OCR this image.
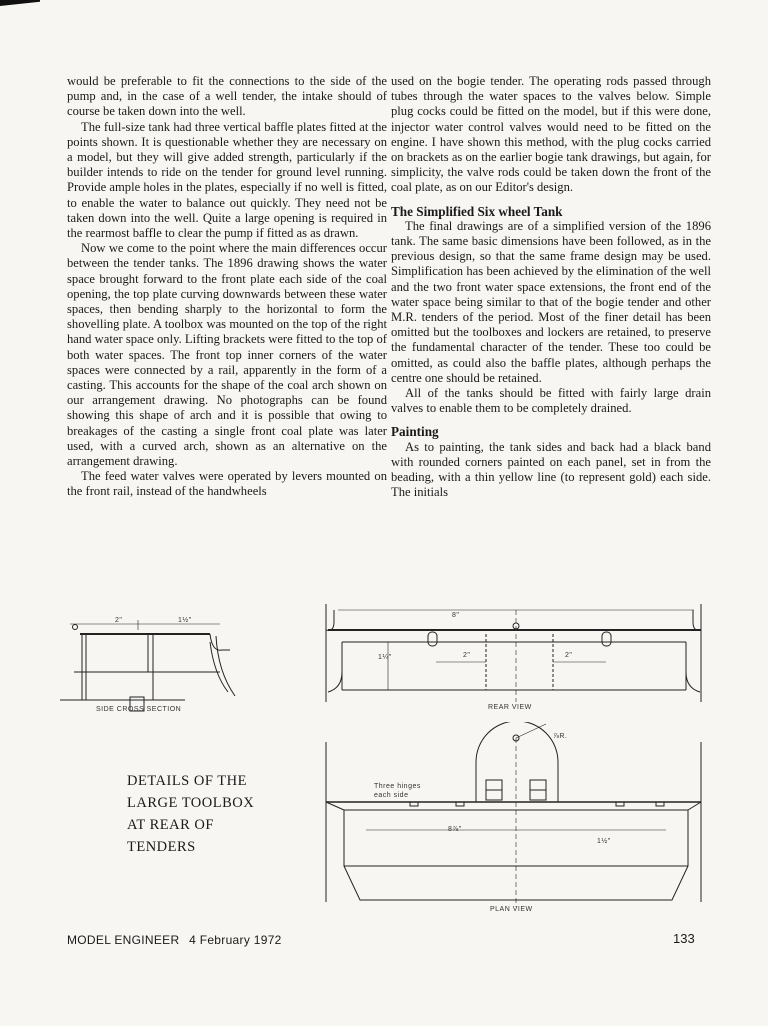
would be preferable to fit the connections to the side of the pump and, in the case of a well tender, the intake should of course be taken down into the well.

The full-size tank had three vertical baffle plates fitted at the points shown. It is questionable whether they are necessary on a model, but they will give added strength, particularly if the builder intends to ride on the tender for ground level running. Provide ample holes in the plates, especially if no well is fitted, to enable the water to balance out quickly. They need not be taken down into the well. Quite a large opening is required in the rearmost baffle to clear the pump if fitted as as drawn.

Now we come to the point where the main differences occur between the tender tanks. The 1896 drawing shows the water space brought forward to the front plate each side of the coal opening, the top plate curving downwards between these water spaces, then bending sharply to the horizontal to form the shovelling plate. A toolbox was mounted on the top of the right hand water space only. Lifting brackets were fitted to the top of both water spaces. The front top inner corners of the water spaces were connected by a rail, apparently in the form of a casting. This accounts for the shape of the coal arch shown on our arrangement drawing. No photographs can be found showing this shape of arch and it is possible that owing to breakages of the casting a single front coal plate was later used, with a curved arch, shown as an alternative on the arrangement drawing.

The feed water valves were operated by levers mounted on the front rail, instead of the handwheels

used on the bogie tender. The operating rods passed through tubes through the water spaces to the valves below. Simple plug cocks could be fitted on the model, but if this were done, injector water control valves would need to be fitted on the engine. I have shown this method, with the plug cocks carried on brackets as on the earlier bogie tank drawings, but again, for simplicity, the valve rods could be taken down the front of the coal plate, as on our Editor's design.

The Simplified Six wheel Tank

The final drawings are of a simplified version of the 1896 tank. The same basic dimensions have been followed, as in the previous design, so that the same frame design may be used. Simplification has been achieved by the elimination of the well and the two front water space extensions, the front end of the water space being similar to that of the bogie tender and other M.R. tenders of the period. Most of the finer detail has been omitted but the toolboxes and lockers are retained, to preserve the fundamental character of the tender. These too could be omitted, as could also the baffle plates, although perhaps the centre one should be retained.

All of the tanks should be fitted with fairly large drain valves to enable them to be completely drained.

Painting

As to painting, the tank sides and back had a black band with rounded corners painted on each panel, set in from the beading, with a thin yellow line (to represent gold) each side. The initials

2"	1½"
SIDE CROSS SECTION
8"
1¼"	2"	2"
REAR VIEW
⅞R.
Three hinges each side
8⅞"
1½"
PLAN VIEW
DETAILS OF THE
LARGE TOOLBOX
AT REAR OF
TENDERS
MODEL ENGINEER 4 February 1972	133
